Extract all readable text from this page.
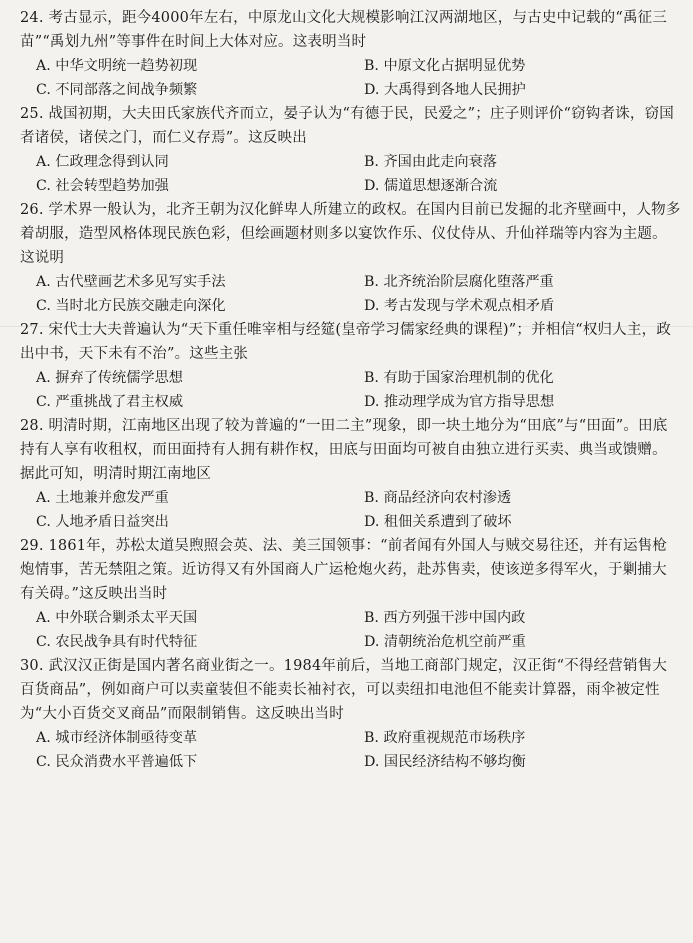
24. 考古显示，距今4000年左右，中原龙山文化大规模影响江汉两湖地区，与古史中记载的“禹征三苗”“禹划九州”等事件在时间上大体对应。这表明当时

A. 中华文明统一趋势初现	B. 中原文化占据明显优势
C. 不同部落之间战争频繁	D. 大禹得到各地人民拥护

25. 战国初期，大夫田氏家族代齐而立，晏子认为“有德于民，民爱之”；庄子则评价“窃钩者诛，窃国者诸侯，诸侯之门，而仁义存焉”。这反映出

A. 仁政理念得到认同	B. 齐国由此走向衰落
C. 社会转型趋势加强	D. 儒道思想逐渐合流

26. 学术界一般认为，北齐王朝为汉化鲜卑人所建立的政权。在国内目前已发掘的北齐壁画中，人物多着胡服，造型风格体现民族色彩，但绘画题材则多以宴饮作乐、仪仗侍从、升仙祥瑞等内容为主题。这说明

A. 古代壁画艺术多见写实手法	B. 北齐统治阶层腐化堕落严重
C. 当时北方民族交融走向深化	D. 考古发现与学术观点相矛盾

27. 宋代士大夫普遍认为“天下重任唯宰相与经筵(皇帝学习儒家经典的课程)”；并相信“权归人主，政出中书，天下未有不治”。这些主张

A. 摒弃了传统儒学思想	B. 有助于国家治理机制的优化
C. 严重挑战了君主权威	D. 推动理学成为官方指导思想

28. 明清时期，江南地区出现了较为普遍的“一田二主”现象，即一块土地分为“田底”与“田面”。田底持有人享有收租权，而田面持有人拥有耕作权，田底与田面均可被自由独立进行买卖、典当或馈赠。据此可知，明清时期江南地区

A. 土地兼并愈发严重	B. 商品经济向农村渗透
C. 人地矛盾日益突出	D. 租佃关系遭到了破坏

29. 1861年，苏松太道吴煦照会英、法、美三国领事：“前者闻有外国人与贼交易往还，并有运售枪炮情事，苦无禁阻之策。近访得又有外国商人广运枪炮火药，赴苏售卖，使该逆多得军火，于剿捕大有关碍。”这反映出当时

A. 中外联合剿杀太平天国	B. 西方列强干涉中国内政
C. 农民战争具有时代特征	D. 清朝统治危机空前严重

30. 武汉汉正街是国内著名商业街之一。1984年前后，当地工商部门规定，汉正街“不得经营销售大百货商品”，例如商户可以卖童装但不能卖长袖衬衣，可以卖纽扣电池但不能卖计算器，雨伞被定性为“大小百货交叉商品”而限制销售。这反映出当时

A. 城市经济体制亟待变革	B. 政府重视规范市场秩序
C. 民众消费水平普遍低下	D. 国民经济结构不够均衡
